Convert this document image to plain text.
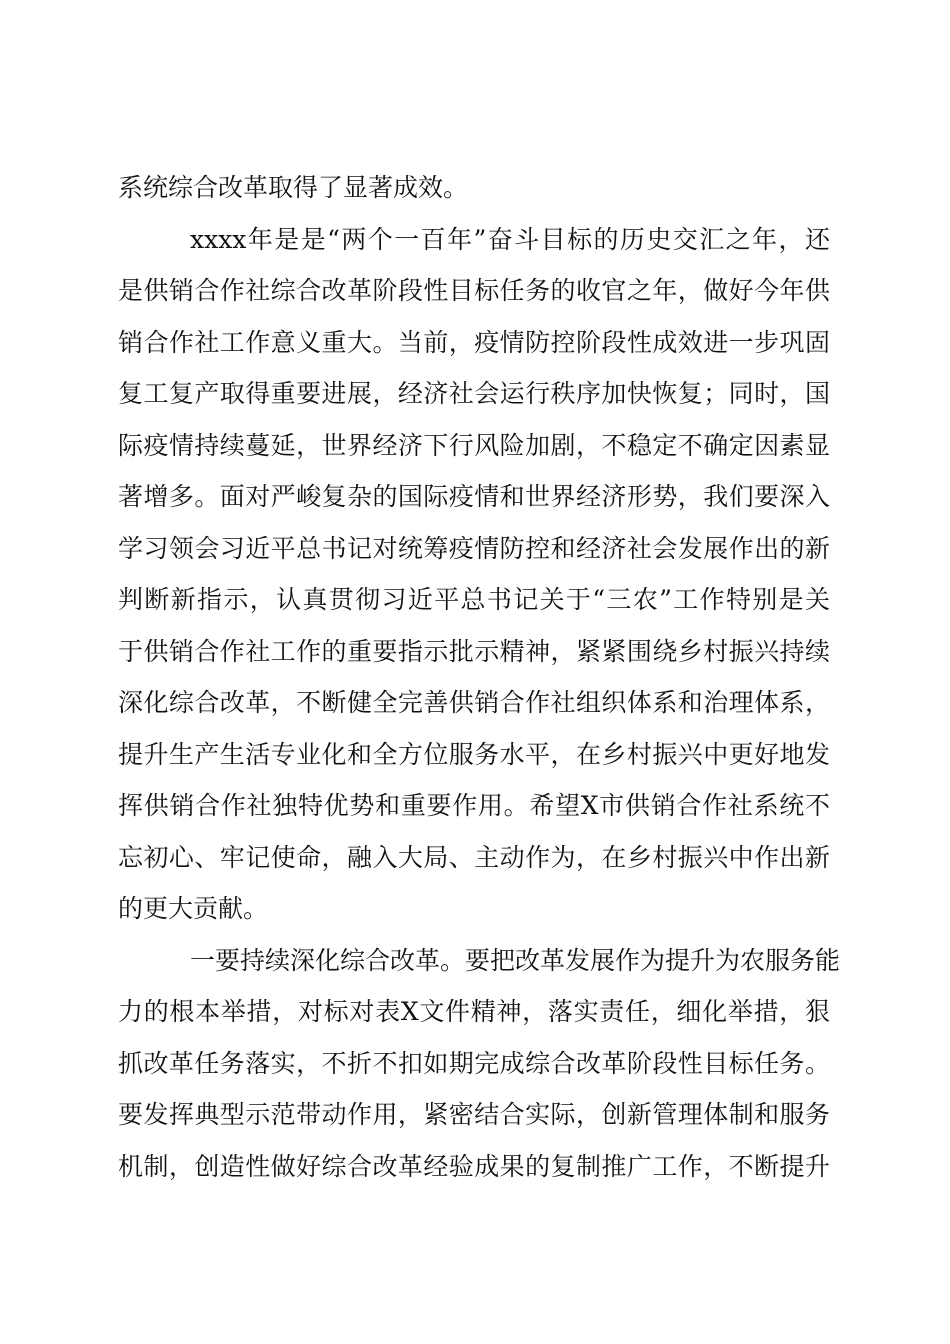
系统综合改革取得了显著成效。
xxxx年是是“两个一百年”奋斗目标的历史交汇之年，还
是供销合作社综合改革阶段性目标任务的收官之年，做好今年供
销合作社工作意义重大。当前，疫情防控阶段性成效进一步巩固
复工复产取得重要进展，经济社会运行秩序加快恢复；同时，国
际疫情持续蔓延，世界经济下行风险加剧，不稳定不确定因素显
著增多。面对严峻复杂的国际疫情和世界经济形势，我们要深入
学习领会习近平总书记对统筹疫情防控和经济社会发展作出的新
判断新指示，认真贯彻习近平总书记关于“三农”工作特别是关
于供销合作社工作的重要指示批示精神，紧紧围绕乡村振兴持续
深化综合改革，不断健全完善供销合作社组织体系和治理体系，
提升生产生活专业化和全方位服务水平，在乡村振兴中更好地发
挥供销合作社独特优势和重要作用。希望X市供销合作社系统不
忘初心、牢记使命，融入大局、主动作为，在乡村振兴中作出新
的更大贡献。
一要持续深化综合改革。要把改革发展作为提升为农服务能
力的根本举措，对标对表X文件精神，落实责任，细化举措，狠
抓改革任务落实，不折不扣如期完成综合改革阶段性目标任务。
要发挥典型示范带动作用，紧密结合实际，创新管理体制和服务
机制，创造性做好综合改革经验成果的复制推广工作，不断提升
